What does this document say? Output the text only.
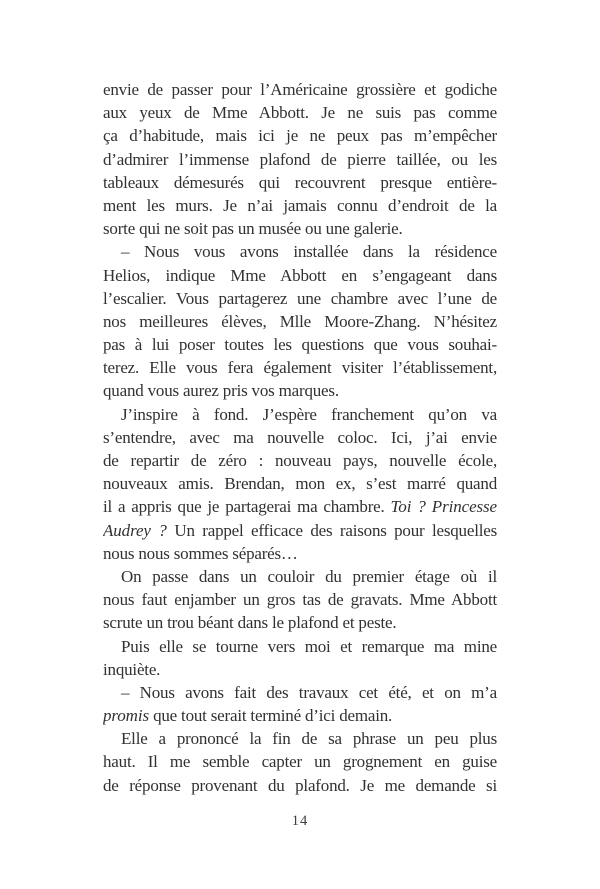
envie de passer pour l’Américaine grossière et godiche
aux yeux de Mme Abbott. Je ne suis pas comme
ça d’habitude, mais ici je ne peux pas m’empêcher
d’admirer l’immense plafond de pierre taillée, ou les
tableaux démesurés qui recouvrent presque entière-
ment les murs. Je n’ai jamais connu d’endroit de la
sorte qui ne soit pas un musée ou une galerie.
– Nous vous avons installée dans la résidence
Helios, indique Mme Abbott en s’engageant dans
l’escalier. Vous partagerez une chambre avec l’une de
nos meilleures élèves, Mlle Moore-Zhang. N’hésitez
pas à lui poser toutes les questions que vous souhai-
terez. Elle vous fera également visiter l’établissement,
quand vous aurez pris vos marques.
J’inspire à fond. J’espère franchement qu’on va
s’entendre, avec ma nouvelle coloc. Ici, j’ai envie
de repartir de zéro : nouveau pays, nouvelle école,
nouveaux amis. Brendan, mon ex, s’est marré quand
il a appris que je partagerai ma chambre. Toi ? Princesse
Audrey ? Un rappel efficace des raisons pour lesquelles
nous nous sommes séparés…
On passe dans un couloir du premier étage où il
nous faut enjamber un gros tas de gravats. Mme Abbott
scrute un trou béant dans le plafond et peste.
Puis elle se tourne vers moi et remarque ma mine
inquiète.
– Nous avons fait des travaux cet été, et on m’a
promis que tout serait terminé d’ici demain.
Elle a prononcé la fin de sa phrase un peu plus
haut. Il me semble capter un grognement en guise
de réponse provenant du plafond. Je me demande si
14
